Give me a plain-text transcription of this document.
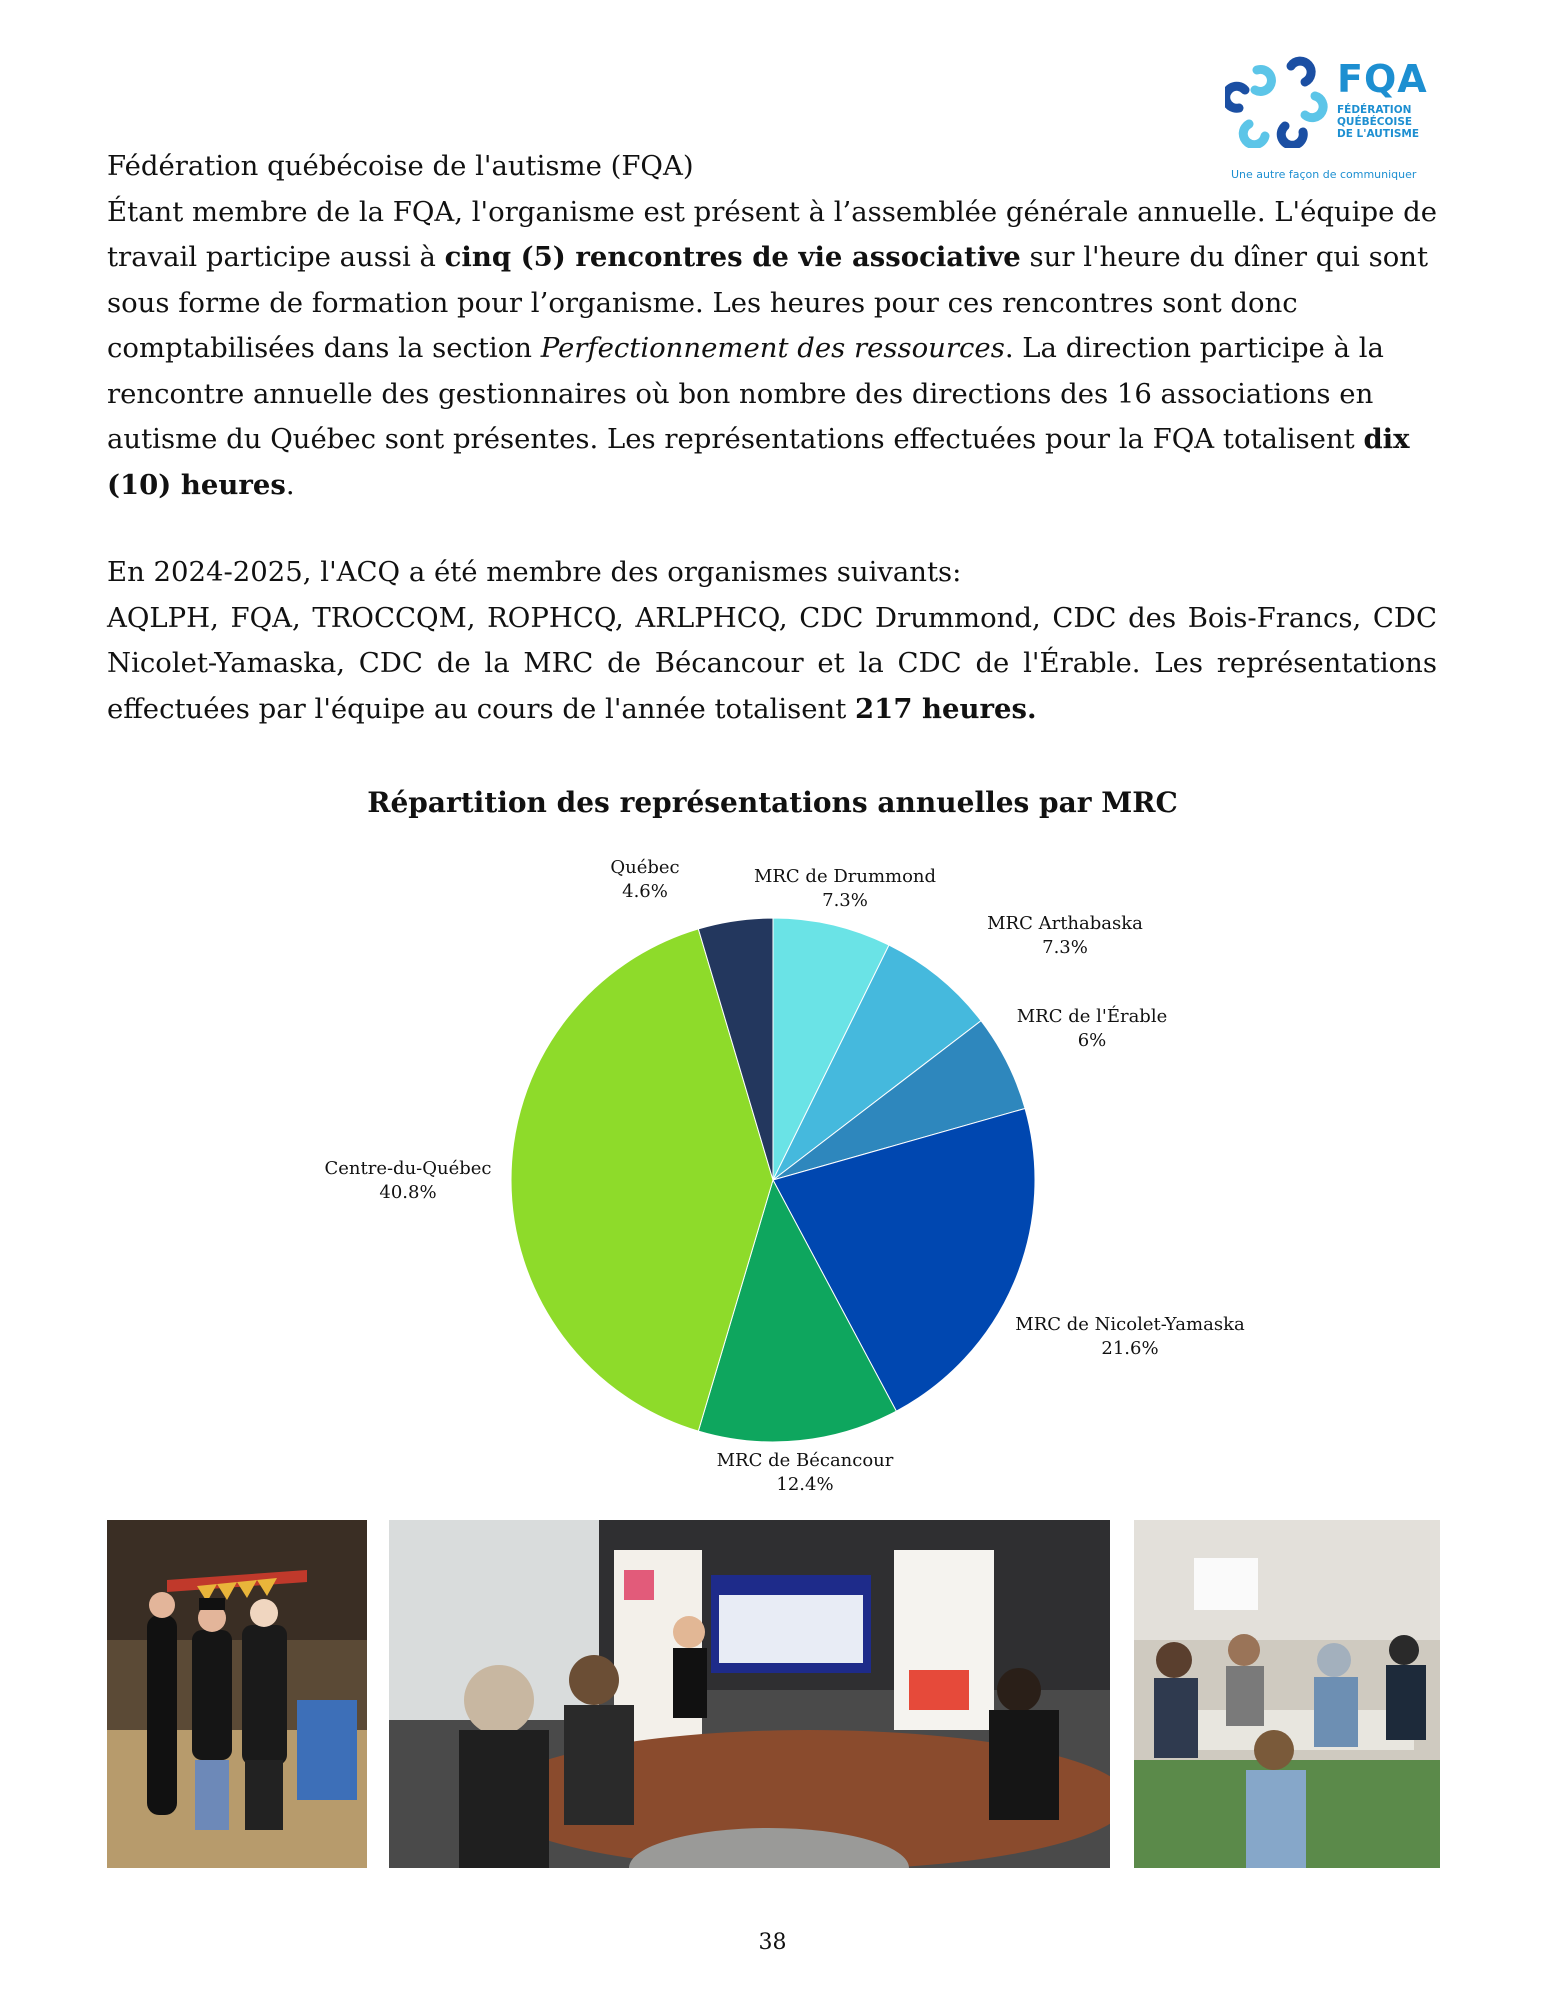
FQA
FÉDÉRATION
QUÉBÉCOISE
DE L'AUTISME
Une autre façon de communiquer

Fédération québécoise de l'autisme (FQA)

Étant membre de la FQA, l'organisme est présent à l’assemblée générale annuelle. L'équipe de travail participe aussi à cinq (5) rencontres de vie associative sur l'heure du dîner qui sont sous forme de formation pour l’organisme. Les heures pour ces rencontres sont donc comptabilisées dans la section Perfectionnement des ressources. La direction participe à la rencontre annuelle des gestionnaires où bon nombre des directions des 16 associations en autisme du Québec sont présentes. Les représentations effectuées pour la FQA totalisent dix (10) heures.

En 2024-2025, l'ACQ a été membre des organismes suivants:

AQLPH, FQA, TROCCQM, ROPHCQ, ARLPHCQ, CDC Drummond, CDC des Bois-Francs, CDC Nicolet-Yamaska, CDC de la MRC de Bécancour et la CDC de l'Érable. Les représentations effectuées par l'équipe au cours de l'année totalisent 217 heures.

Répartition des représentations annuelles par MRC
MRC de Drummond
7.3%
MRC Arthabaska
7.3%
MRC de l'Érable
6%
MRC de Nicolet-Yamaska
21.6%
MRC de Bécancour
12.4%
Centre-du-Québec
40.8%
Québec
4.6%
38
